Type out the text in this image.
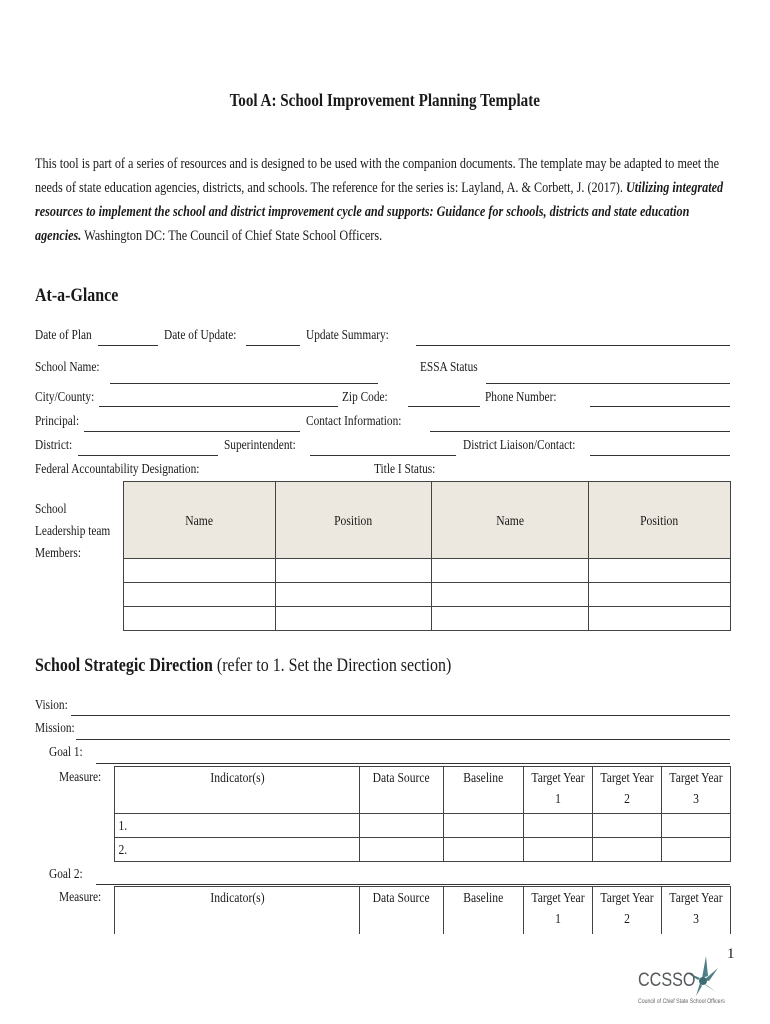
Tool A: School Improvement Planning Template
This tool is part of a series of resources and is designed to be used with the companion documents. The template may be adapted to meet the needs of state education agencies, districts, and schools. The reference for the series is: Layland, A. & Corbett, J. (2017). Utilizing integrated resources to implement the school and district improvement cycle and supports: Guidance for schools, districts and state education agencies. Washington DC: The Council of Chief State School Officers.
At-a-Glance
Date of Plan	Date of Update:	Update Summary:
School Name:	ESSA Status
City/County:	Zip Code:	Phone Number:
Principal:	Contact Information:
District:	Superintendent:	District Liaison/Contact:
Federal Accountability Designation:	Title I Status:
School Leadership team Members:
Name	Position	Name	Position

School Strategic Direction (refer to 1. Set the Direction section)
Vision:
Mission:
Goal 1:
Measure:	Indicator(s)	Data Source	Baseline	Target Year 1	Target Year 2	Target Year 3

1.					

2.					

Goal 2:
Measure:	Indicator(s)	Data Source	Baseline	Target Year 1	Target Year 2	Target Year 3
1
CCSSO
Council of Chief State School Officers
